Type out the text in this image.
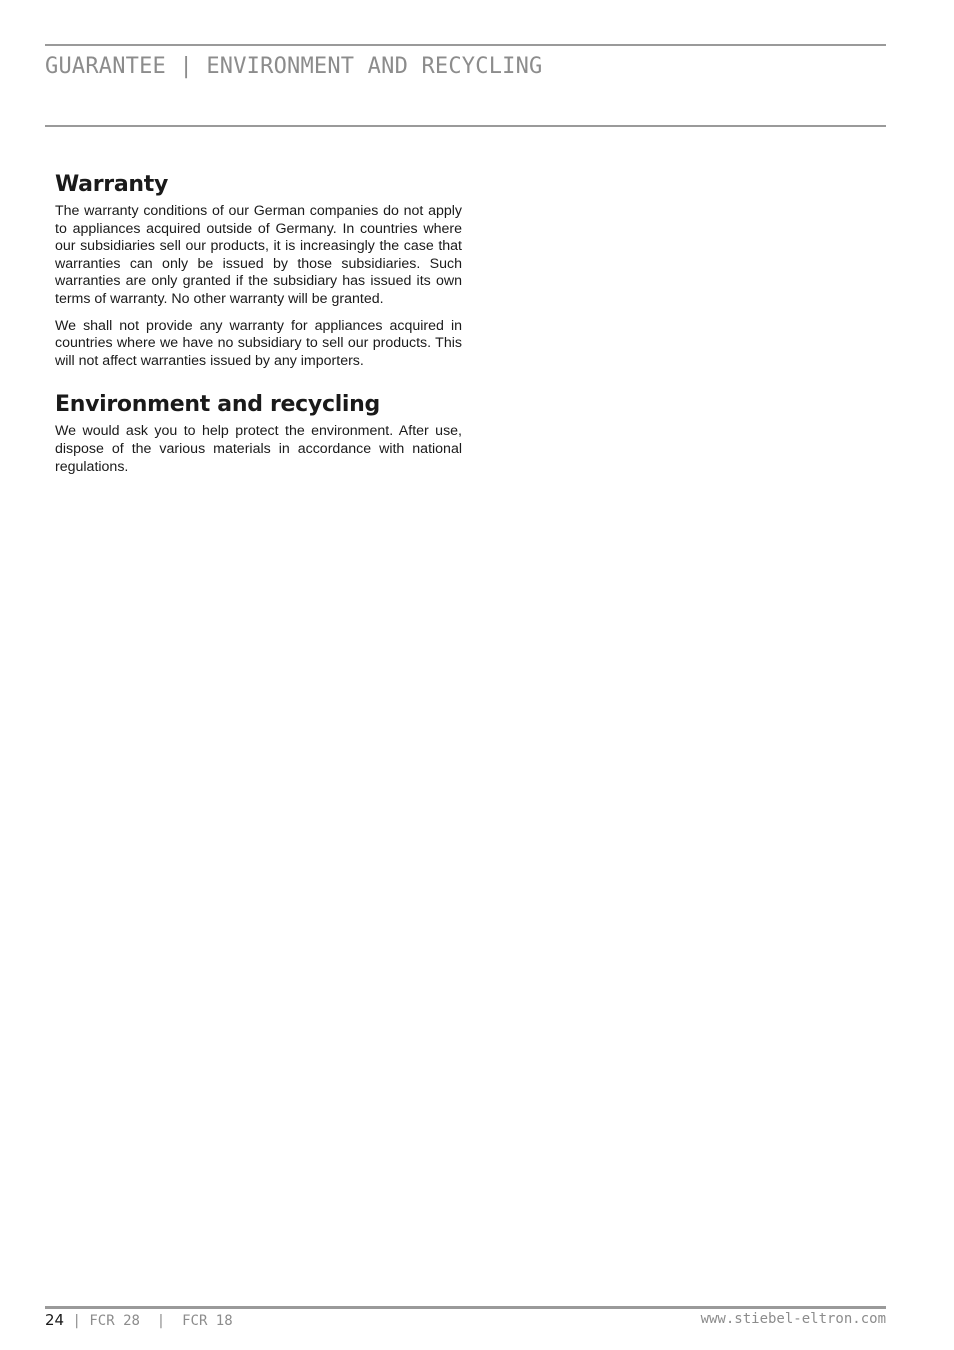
GUARANTEE | ENVIRONMENT AND RECYCLING
Warranty

The warranty conditions of our German companies do not apply to appliances acquired outside of Germany. In countries where our subsidiaries sell our products, it is increasingly the case that warranties can only be issued by those subsidiaries. Such warranties are only granted if the subsidiary has issued its own terms of warranty. No other warranty will be granted.

We shall not provide any warranty for appliances acquired in countries where we have no subsidiary to sell our products. This will not affect warranties issued by any importers.

Environment and recycling

We would ask you to help protect the environment. After use, dispose of the various materials in accordance with national regulations.

24 | FCR 28  |  FCR 18	www.stiebel-eltron.com
